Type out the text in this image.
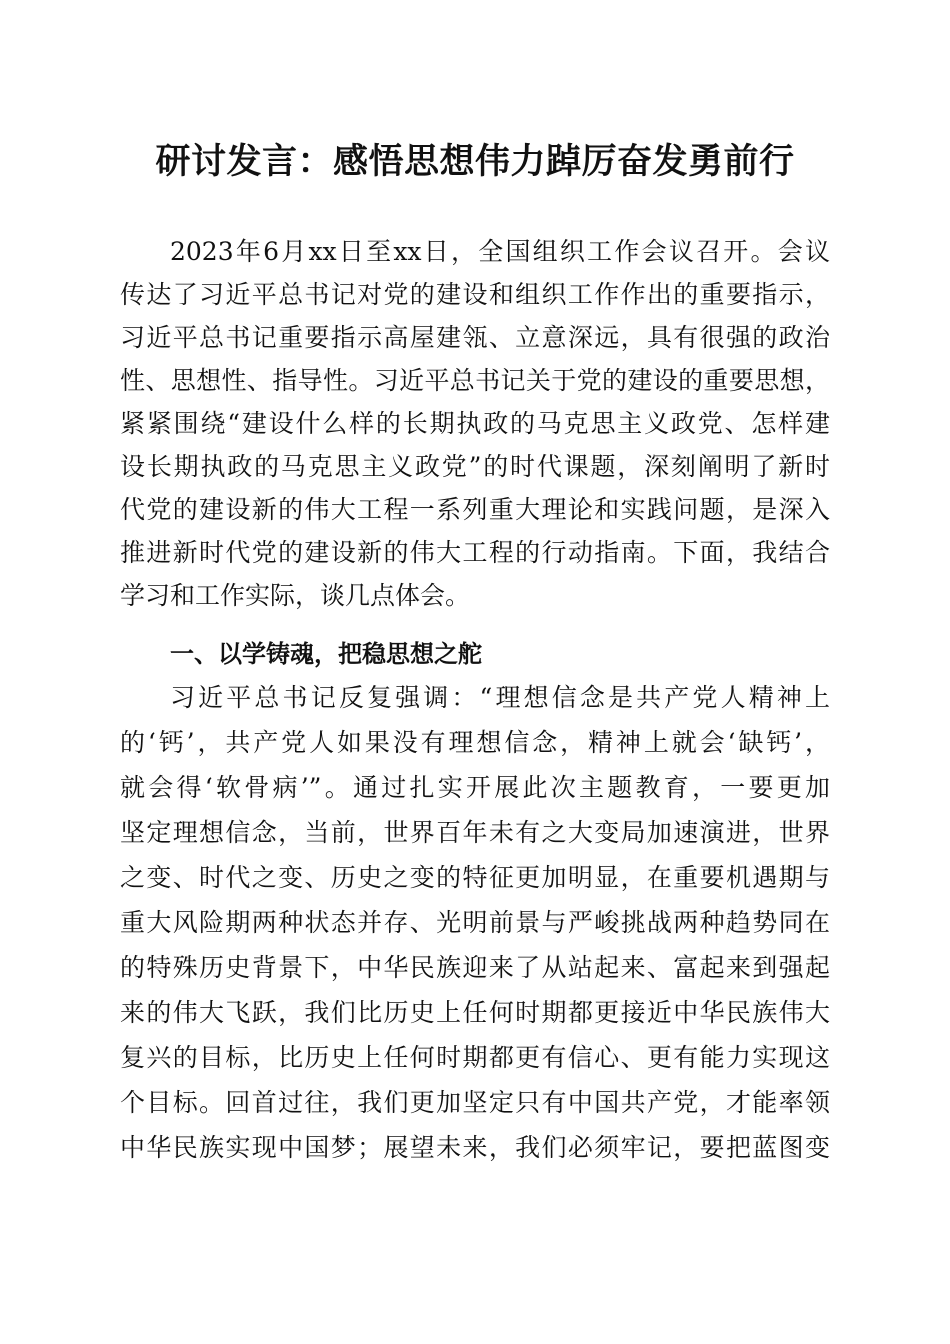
研讨发言：感悟思想伟力踔厉奋发勇前行
2023年6月xx日至xx日，全国组织工作会议召开。会议
传达了习近平总书记对党的建设和组织工作作出的重要指示，
习近平总书记重要指示高屋建瓴、立意深远，具有很强的政治
性、思想性、指导性。习近平总书记关于党的建设的重要思想，
紧紧围绕“建设什么样的长期执政的马克思主义政党、怎样建
设长期执政的马克思主义政党”的时代课题，深刻阐明了新时
代党的建设新的伟大工程一系列重大理论和实践问题，是深入
推进新时代党的建设新的伟大工程的行动指南。下面，我结合
学习和工作实际，谈几点体会。
一、以学铸魂，把稳思想之舵
习近平总书记反复强调：“理想信念是共产党人精神上
的‘钙’，共产党人如果没有理想信念，精神上就会‘缺钙’，
就会得‘软骨病’”。通过扎实开展此次主题教育，一要更加
坚定理想信念，当前，世界百年未有之大变局加速演进，世界
之变、时代之变、历史之变的特征更加明显，在重要机遇期与
重大风险期两种状态并存、光明前景与严峻挑战两种趋势同在
的特殊历史背景下，中华民族迎来了从站起来、富起来到强起
来的伟大飞跃，我们比历史上任何时期都更接近中华民族伟大
复兴的目标，比历史上任何时期都更有信心、更有能力实现这
个目标。回首过往，我们更加坚定只有中国共产党，才能率领
中华民族实现中国梦；展望未来，我们必须牢记，要把蓝图变
